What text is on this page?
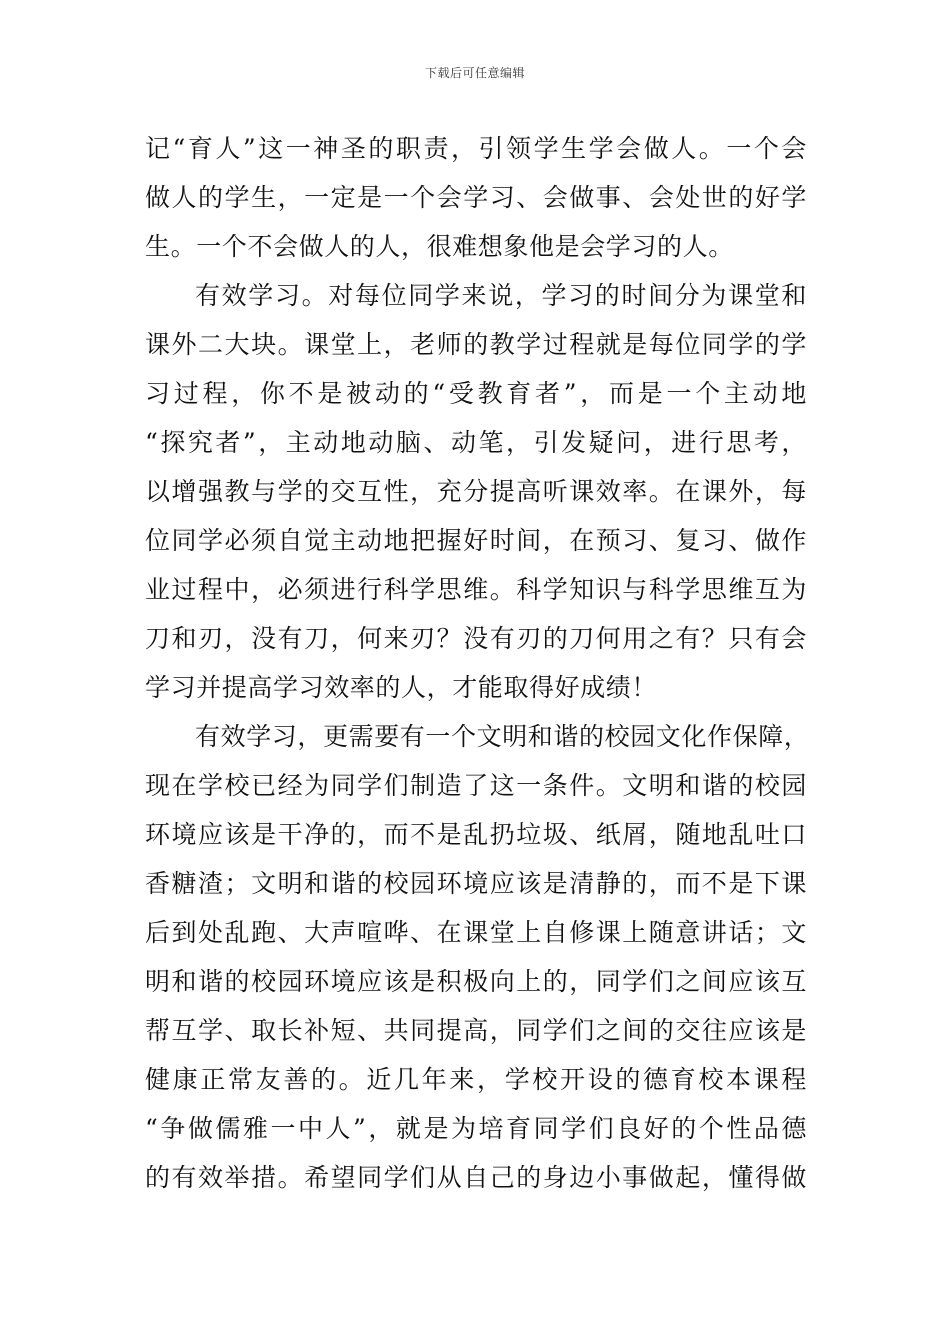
下载后可任意编辑
记“育人”这一神圣的职责，引领学生学会做人。一个会
做人的学生，一定是一个会学习、会做事、会处世的好学
生。一个不会做人的人，很难想象他是会学习的人。
有效学习。对每位同学来说，学习的时间分为课堂和
课外二大块。课堂上，老师的教学过程就是每位同学的学
习过程，你不是被动的“受教育者”，而是一个主动地
“探究者”，主动地动脑、动笔，引发疑问，进行思考，
以增强教与学的交互性，充分提高听课效率。在课外，每
位同学必须自觉主动地把握好时间，在预习、复习、做作
业过程中，必须进行科学思维。科学知识与科学思维互为
刀和刃，没有刀，何来刃？没有刃的刀何用之有？只有会
学习并提高学习效率的人，才能取得好成绩！
有效学习，更需要有一个文明和谐的校园文化作保障，
现在学校已经为同学们制造了这一条件。文明和谐的校园
环境应该是干净的，而不是乱扔垃圾、纸屑，随地乱吐口
香糖渣；文明和谐的校园环境应该是清静的，而不是下课
后到处乱跑、大声喧哗、在课堂上自修课上随意讲话；文
明和谐的校园环境应该是积极向上的，同学们之间应该互
帮互学、取长补短、共同提高，同学们之间的交往应该是
健康正常友善的。近几年来，学校开设的德育校本课程
“争做儒雅一中人”，就是为培育同学们良好的个性品德
的有效举措。希望同学们从自己的身边小事做起，懂得做
